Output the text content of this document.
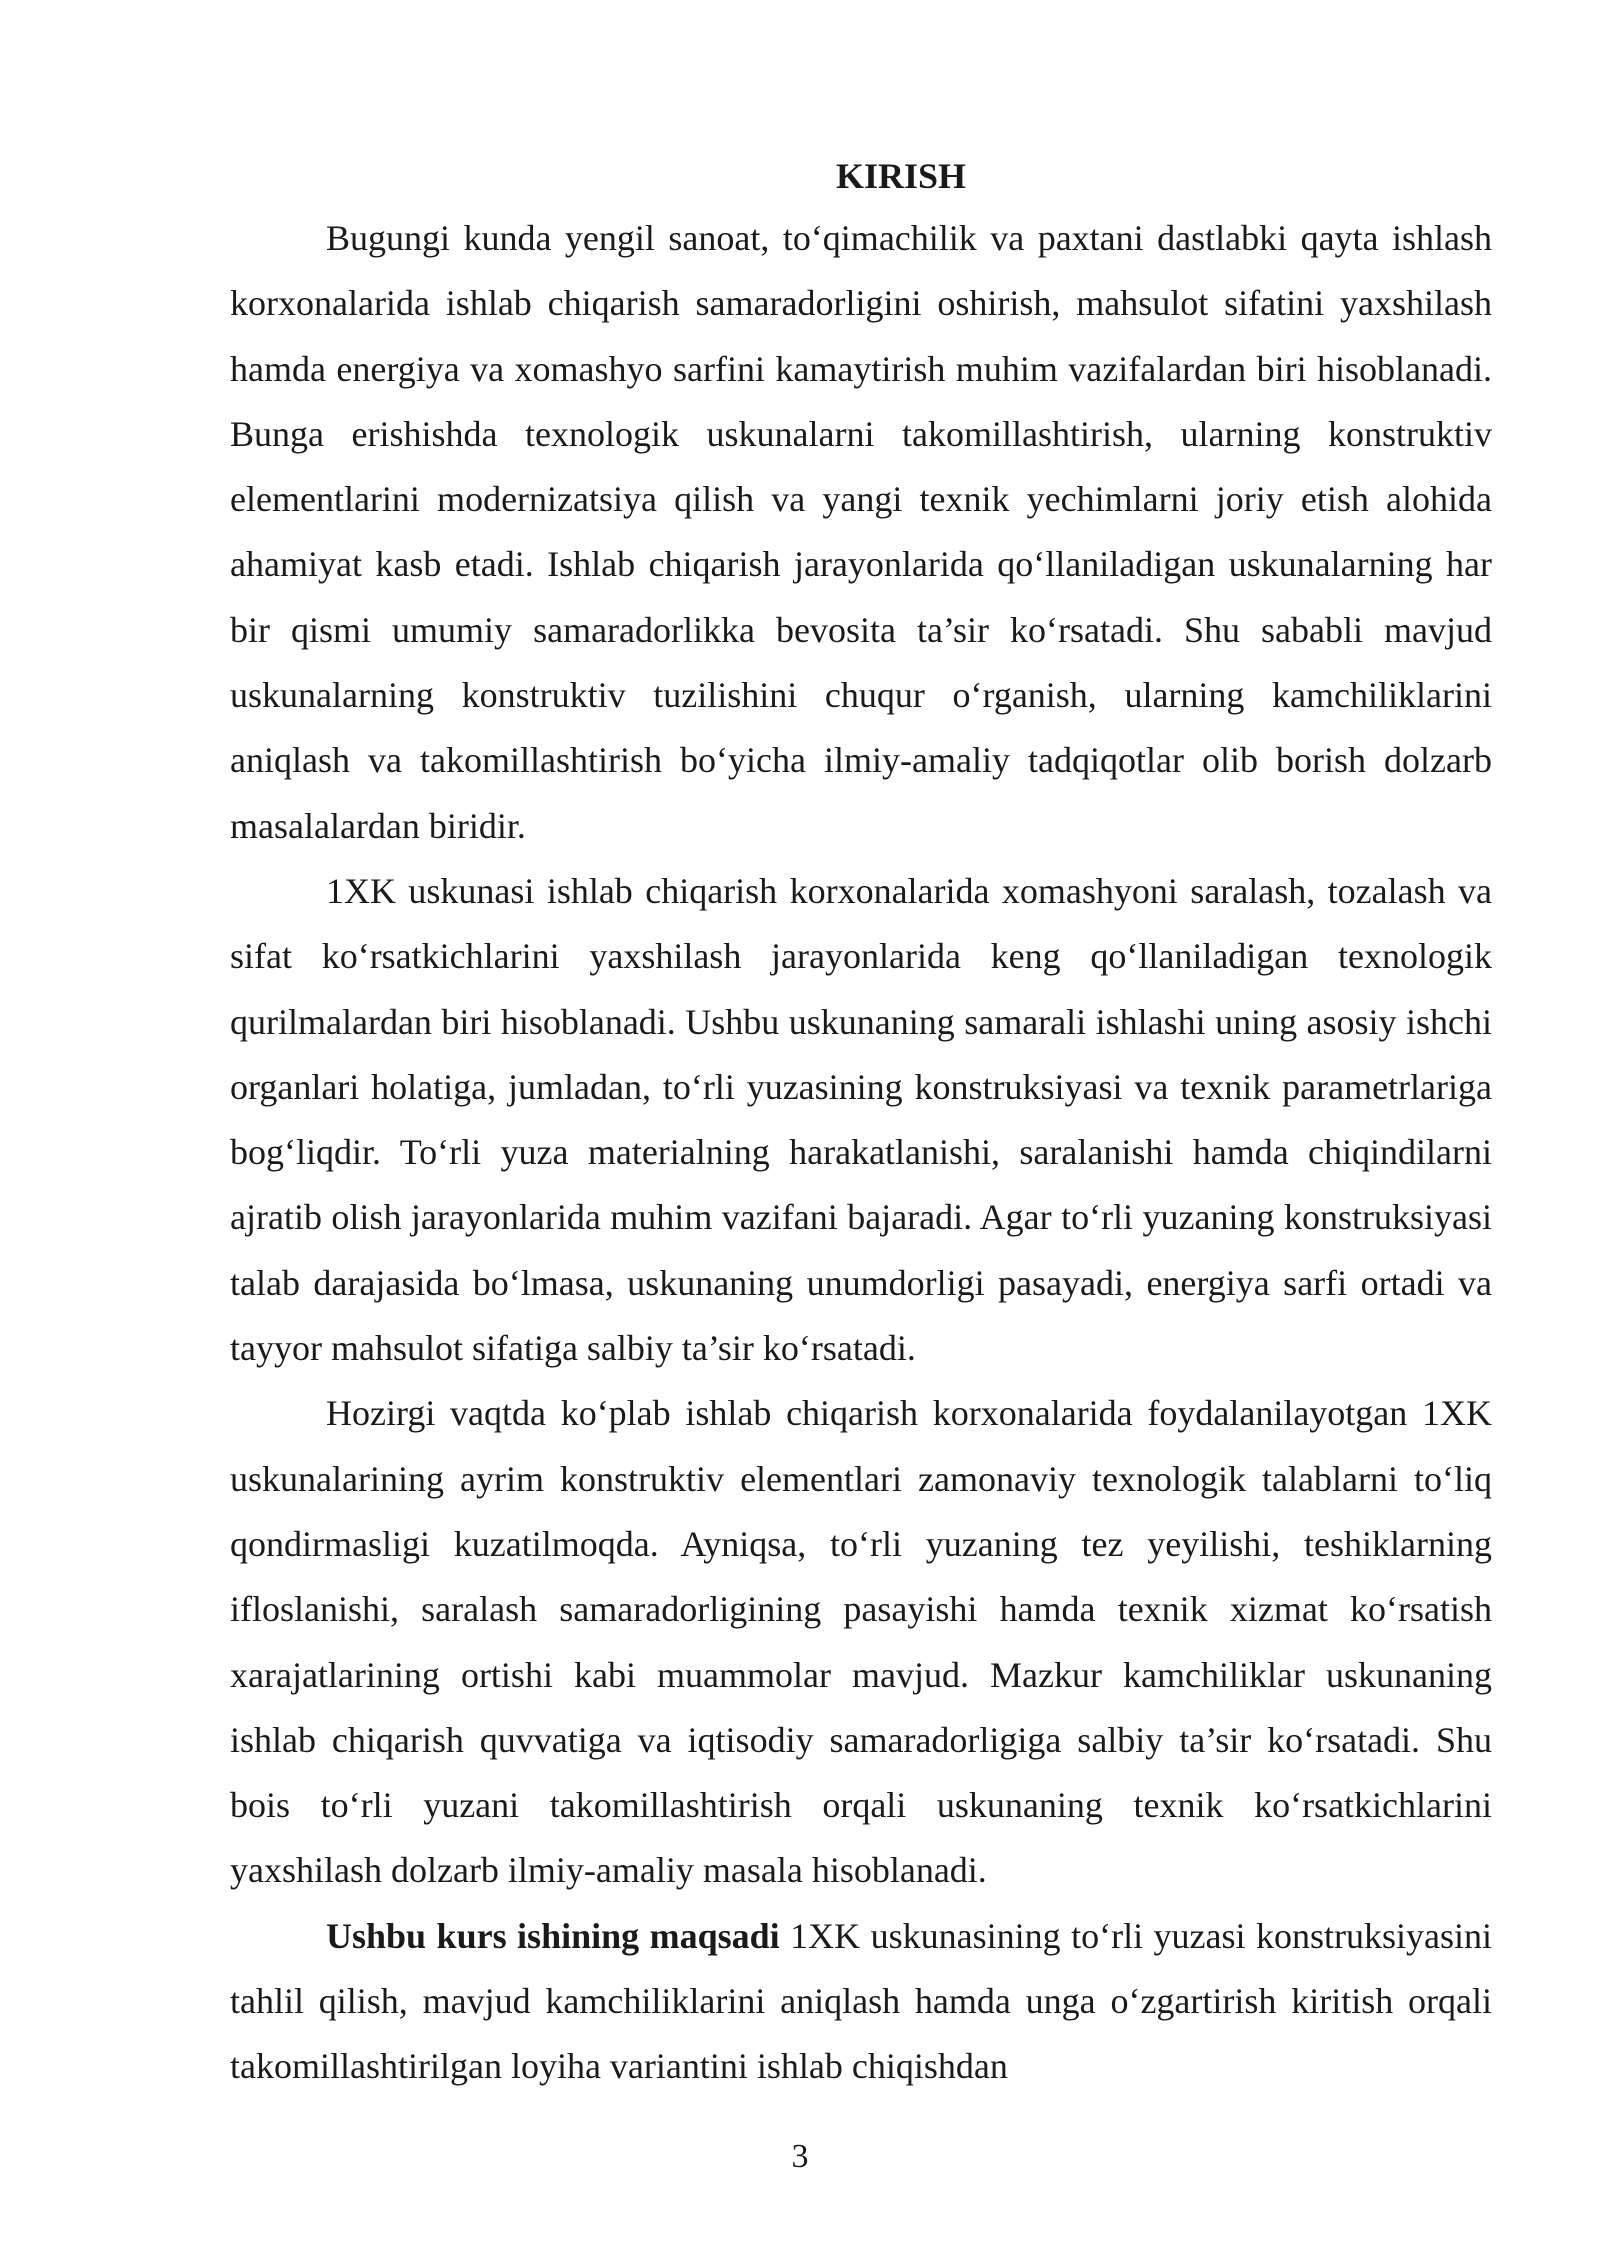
KIRISH

Bugungi kunda yengil sanoat, to‘qimachilik va paxtani dastlabki qayta ishlash korxonalarida ishlab chiqarish samaradorligini oshirish, mahsulot sifatini yaxshilash hamda energiya va xomashyo sarfini kamaytirish muhim vazifalardan biri hisoblanadi. Bunga erishishda texnologik uskunalarni takomillashtirish, ularning konstruktiv elementlarini modernizatsiya qilish va yangi texnik yechimlarni joriy etish alohida ahamiyat kasb etadi. Ishlab chiqarish jarayonlarida qo‘llaniladigan uskunalarning har bir qismi umumiy samaradorlikka bevosita ta’sir ko‘rsatadi. Shu sababli mavjud uskunalarning konstruktiv tuzilishini chuqur o‘rganish, ularning kamchiliklarini aniqlash va takomillashtirish bo‘yicha ilmiy-amaliy tadqiqotlar olib borish dolzarb masalalardan biridir.

1XK uskunasi ishlab chiqarish korxonalarida xomashyoni saralash, tozalash va sifat ko‘rsatkichlarini yaxshilash jarayonlarida keng qo‘llaniladigan texnologik qurilmalardan biri hisoblanadi. Ushbu uskunaning samarali ishlashi uning asosiy ishchi organlari holatiga, jumladan, to‘rli yuzasining konstruksiyasi va texnik parametrlariga bog‘liqdir. To‘rli yuza materialning harakatlanishi, saralanishi hamda chiqindilarni ajratib olish jarayonlarida muhim vazifani bajaradi. Agar to‘rli yuzaning konstruksiyasi talab darajasida bo‘lmasa, uskunaning unumdorligi pasayadi, energiya sarfi ortadi va tayyor mahsulot sifatiga salbiy ta’sir ko‘rsatadi.

Hozirgi vaqtda ko‘plab ishlab chiqarish korxonalarida foydalanilayotgan 1XK uskunalarining ayrim konstruktiv elementlari zamonaviy texnologik talablarni to‘liq qondirmasligi kuzatilmoqda. Ayniqsa, to‘rli yuzaning tez yeyilishi, teshiklarning ifloslanishi, saralash samaradorligining pasayishi hamda texnik xizmat ko‘rsatish xarajatlarining ortishi kabi muammolar mavjud. Mazkur kamchiliklar uskunaning ishlab chiqarish quvvatiga va iqtisodiy samaradorligiga salbiy ta’sir ko‘rsatadi. Shu bois to‘rli yuzani takomillashtirish orqali uskunaning texnik ko‘rsatkichlarini yaxshilash dolzarb ilmiy-amaliy masala hisoblanadi.

Ushbu kurs ishining maqsadi 1XK uskunasining to‘rli yuzasi konstruksiyasini tahlil qilish, mavjud kamchiliklarini aniqlash hamda unga o‘zgartirish kiritish orqali takomillashtirilgan loyiha variantini ishlab chiqishdan

3
